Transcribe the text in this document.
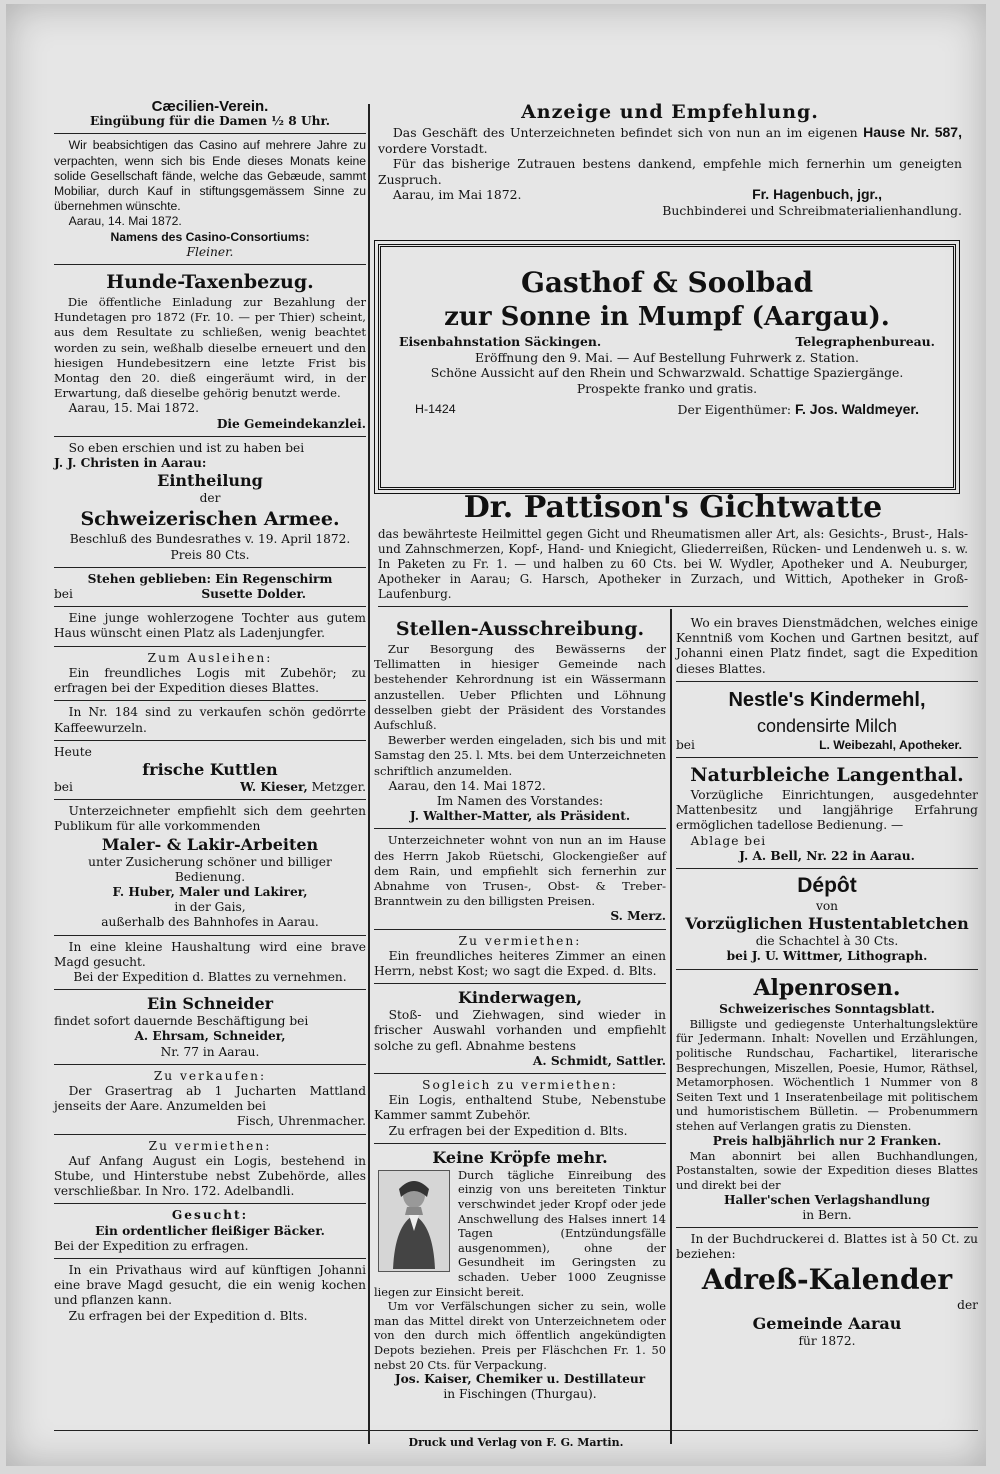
Cæcilien-Verein.
Eingübung für die Damen ½ 8 Uhr.
Wir beabsichtigen das Casino auf mehrere Jahre zu verpachten, wenn sich bis Ende dieses Monats keine solide Gesellschaft fände, welche das Gebæude, sammt Mobiliar, durch Kauf in stiftungsgemässem Sinne zu übernehmen wünschte.
Aarau, 14. Mai 1872.
Namens des Casino-Consortiums:
Fleiner.
Hunde-Taxenbezug.
Die öffentliche Einladung zur Bezahlung der Hundetagen pro 1872 (Fr. 10. — per Thier) scheint, aus dem Resultate zu schließen, wenig beachtet worden zu sein, weßhalb dieselbe erneuert und den hiesigen Hundebesitzern eine letzte Frist bis Montag den 20. dieß eingeräumt wird, in der Erwartung, daß dieselbe gehörig benutzt werde.
Aarau, 15. Mai 1872.
Die Gemeindekanzlei.
So eben erschien und ist zu haben bei
J. J. Christen in Aarau:
Eintheilung
der
Schweizerischen Armee.
Beschluß des Bundesrathes v. 19. April 1872.
Preis 80 Cts.
Stehen geblieben: Ein Regenschirm
bei	Susette Dolder.
Eine junge wohlerzogene Tochter aus gutem Haus wünscht einen Platz als Ladenjungfer.
Zum Ausleihen:
Ein freundliches Logis mit Zubehör; zu erfragen bei der Expedition dieses Blattes.
In Nr. 184 sind zu verkaufen schön gedörrte Kaffeewurzeln.
Heute
frische Kuttlen
bei	W. Kieser, Metzger.
Unterzeichneter empfiehlt sich dem geehrten Publikum für alle vorkommenden
Maler- & Lakir-Arbeiten
unter Zusicherung schöner und billiger Bedienung.
F. Huber, Maler und Lakirer,
in der Gais,
außerhalb des Bahnhofes in Aarau.
In eine kleine Haushaltung wird eine brave Magd gesucht.
Bei der Expedition d. Blattes zu vernehmen.
Ein Schneider
findet sofort dauernde Beschäftigung bei
A. Ehrsam, Schneider,
Nr. 77 in Aarau.
Zu verkaufen:
Der Grasertrag ab 1 Jucharten Mattland jenseits der Aare. Anzumelden bei
Fisch, Uhrenmacher.
Zu vermiethen:
Auf Anfang August ein Logis, bestehend in Stube, und Hinterstube nebst Zubehörde, alles verschließbar. In Nro. 172. Adelbandli.
Gesucht:
Ein ordentlicher fleißiger Bäcker.
Bei der Expedition zu erfragen.
In ein Privathaus wird auf künftigen Johanni eine brave Magd gesucht, die ein wenig kochen und pflanzen kann.
Zu erfragen bei der Expedition d. Blts.
Anzeige und Empfehlung.
Das Geschäft des Unterzeichneten befindet sich von nun an im eigenen Hause Nr. 587, vordere Vorstadt.
Für das bisherige Zutrauen bestens dankend, empfehle mich fernerhin um geneigten Zuspruch.
Aarau, im Mai 1872.	Fr. Hagenbuch, jgr.,
Buchbinderei und Schreibmaterialienhandlung.
Gasthof & Soolbad
zur Sonne in Mumpf (Aargau).
Eisenbahnstation Säckingen.	Telegraphenbureau.
Eröffnung den 9. Mai. — Auf Bestellung Fuhrwerk z. Station.
Schöne Aussicht auf den Rhein und Schwarzwald. Schattige Spaziergänge.
Prospekte franko und gratis.
H-1424	Der Eigenthümer: F. Jos. Waldmeyer.
Dr. Pattison's Gichtwatte
das bewährteste Heilmittel gegen Gicht und Rheumatismen aller Art, als: Gesichts-, Brust-, Hals- und Zahnschmerzen, Kopf-, Hand- und Kniegicht, Gliederreißen, Rücken- und Lendenweh u. s. w. In Paketen zu Fr. 1. — und halben zu 60 Cts. bei W. Wydler, Apotheker und A. Neuburger, Apotheker in Aarau; G. Harsch, Apotheker in Zurzach, und Wittich, Apotheker in Groß-Laufenburg.
Stellen-Ausschreibung.
Zur Besorgung des Bewässerns der Tellimatten in hiesiger Gemeinde nach bestehender Kehrordnung ist ein Wässermann anzustellen. Ueber Pflichten und Löhnung desselben giebt der Präsident des Vorstandes Aufschluß.
Bewerber werden eingeladen, sich bis und mit Samstag den 25. l. Mts. bei dem Unterzeichneten schriftlich anzumelden.
Aarau, den 14. Mai 1872.
Im Namen des Vorstandes:
J. Walther-Matter, als Präsident.
Unterzeichneter wohnt von nun an im Hause des Herrn Jakob Rüetschi, Glockengießer auf dem Rain, und empfiehlt sich fernerhin zur Abnahme von Trusen-, Obst- & Treber-Branntwein zu den billigsten Preisen.
S. Merz.
Zu vermiethen:
Ein freundliches heiteres Zimmer an einen Herrn, nebst Kost; wo sagt die Exped. d. Blts.
Kinderwagen,
Stoß- und Ziehwagen, sind wieder in frischer Auswahl vorhanden und empfiehlt solche zu gefl. Abnahme bestens
A. Schmidt, Sattler.
Sogleich zu vermiethen:
Ein Logis, enthaltend Stube, Nebenstube Kammer sammt Zubehör.
Zu erfragen bei der Expedition d. Blts.
Keine Kröpfe mehr.
Durch tägliche Einreibung des einzig von uns bereiteten Tinktur verschwindet jeder Kropf oder jede Anschwellung des Halses innert 14 Tagen (Entzündungsfälle ausgenommen), ohne der Gesundheit im Geringsten zu schaden. Ueber 1000 Zeugnisse liegen zur Einsicht bereit.
Um vor Verfälschungen sicher zu sein, wolle man das Mittel direkt von Unterzeichnetem oder von den durch mich öffentlich angekündigten Depots beziehen. Preis per Fläschchen Fr. 1. 50 nebst 20 Cts. für Verpackung.
Jos. Kaiser, Chemiker u. Destillateur
in Fischingen (Thurgau).
Wo ein braves Dienstmädchen, welches einige Kenntniß vom Kochen und Gartnen besitzt, auf Johanni einen Platz findet, sagt die Expedition dieses Blattes.
Nestle's Kindermehl,
condensirte Milch
bei	L. Weibezahl, Apotheker.
Naturbleiche Langenthal.
Vorzügliche Einrichtungen, ausgedehnter Mattenbesitz und langjährige Erfahrung ermöglichen tadellose Bedienung. —
Ablage bei
J. A. Bell, Nr. 22 in Aarau.
Dépôt
von
Vorzüglichen Hustentabletchen
die Schachtel à 30 Cts.
bei J. U. Wittmer, Lithograph.
Alpenrosen.
Schweizerisches Sonntagsblatt.
Billigste und gediegenste Unterhaltungslektüre für Jedermann. Inhalt: Novellen und Erzählungen, politische Rundschau, Fachartikel, literarische Besprechungen, Miszellen, Poesie, Humor, Räthsel, Metamorphosen. Wöchentlich 1 Nummer von 8 Seiten Text und 1 Inseratenbeilage mit politischem und humoristischem Bülletin. — Probenummern stehen auf Verlangen gratis zu Diensten.
Preis halbjährlich nur 2 Franken.
Man abonnirt bei allen Buchhandlungen, Postanstalten, sowie der Expedition dieses Blattes und direkt bei der
Haller'schen Verlagshandlung
in Bern.
In der Buchdruckerei d. Blattes ist à 50 Ct. zu beziehen:
Adreß-Kalender
der
Gemeinde Aarau
für 1872.
Druck und Verlag von F. G. Martin.
